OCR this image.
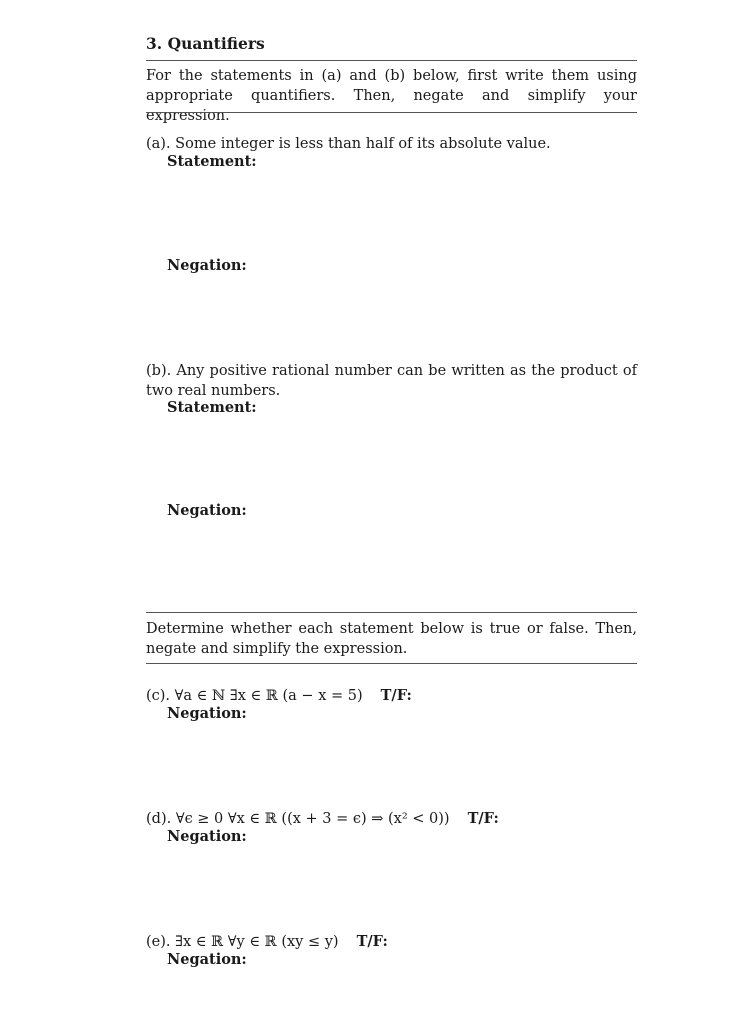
3. Quantifiers
For the statements in (a) and (b) below, first write them using appropriate quantifiers. Then, negate and simplify your expression.
(a). Some integer is less than half of its absolute value.
Statement:
Negation:
(b). Any positive rational number can be written as the product of two real numbers.
Statement:
Negation:
Determine whether each statement below is true or false. Then, negate and simplify the expression.
(c). ∀a ∈ ℕ ∃x ∈ ℝ (a − x = 5) T/F:
Negation:
(d). ∀ϵ ≥ 0 ∀x ∈ ℝ ((x + 3 = ϵ) ⇒ (x² < 0)) T/F:
Negation:
(e). ∃x ∈ ℝ ∀y ∈ ℝ (xy ≤ y) T/F:
Negation:
